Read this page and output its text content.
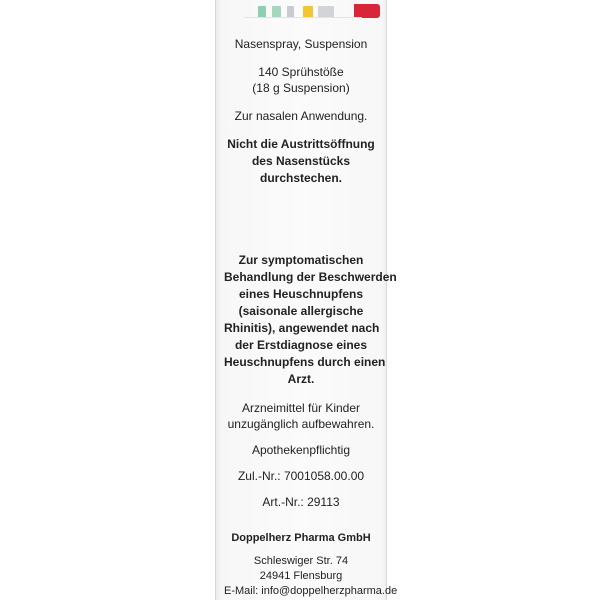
Nasenspray, Suspension
140 Sprühstöße
(18 g Suspension)
Zur nasalen Anwendung.
Nicht die Austrittsöffnung
des Nasenstücks
durchstechen.
Zur symptomatischen
Behandlung der Beschwerden
eines Heuschnupfens
(saisonale allergische
Rhinitis), angewendet nach
der Erstdiagnose eines
Heuschnupfens durch einen
Arzt.
Arzneimittel für Kinder
unzugänglich aufbewahren.
Apothekenpflichtig
Zul.-Nr.: 7001058.00.00
Art.-Nr.: 29113
Doppelherz Pharma GmbH
Schleswiger Str. 74
24941 Flensburg
E-Mail: info@doppelherzpharma.de
